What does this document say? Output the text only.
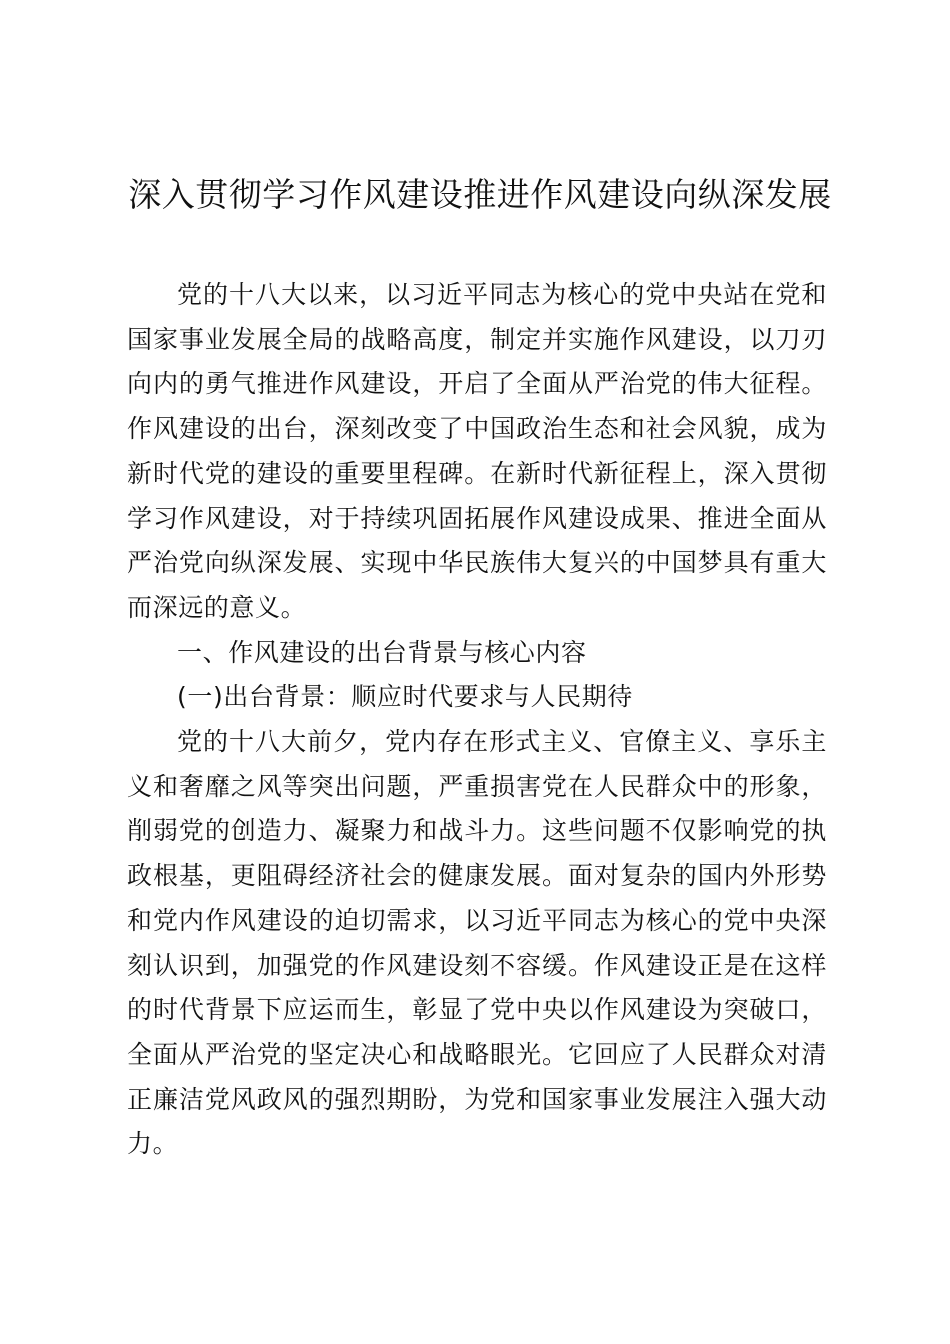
深入贯彻学习作风建设推进作风建设向纵深发展

党的十八大以来，以习近平同志为核心的党中央站在党和国家事业发展全局的战略高度，制定并实施作风建设，以刀刃向内的勇气推进作风建设，开启了全面从严治党的伟大征程。作风建设的出台，深刻改变了中国政治生态和社会风貌，成为新时代党的建设的重要里程碑。在新时代新征程上，深入贯彻学习作风建设，对于持续巩固拓展作风建设成果、推进全面从严治党向纵深发展、实现中华民族伟大复兴的中国梦具有重大而深远的意义。

一、作风建设的出台背景与核心内容

(一)出台背景：顺应时代要求与人民期待

党的十八大前夕，党内存在形式主义、官僚主义、享乐主义和奢靡之风等突出问题，严重损害党在人民群众中的形象，削弱党的创造力、凝聚力和战斗力。这些问题不仅影响党的执政根基，更阻碍经济社会的健康发展。面对复杂的国内外形势和党内作风建设的迫切需求，以习近平同志为核心的党中央深刻认识到，加强党的作风建设刻不容缓。作风建设正是在这样的时代背景下应运而生，彰显了党中央以作风建设为突破口，全面从严治党的坚定决心和战略眼光。它回应了人民群众对清正廉洁党风政风的强烈期盼，为党和国家事业发展注入强大动力。
